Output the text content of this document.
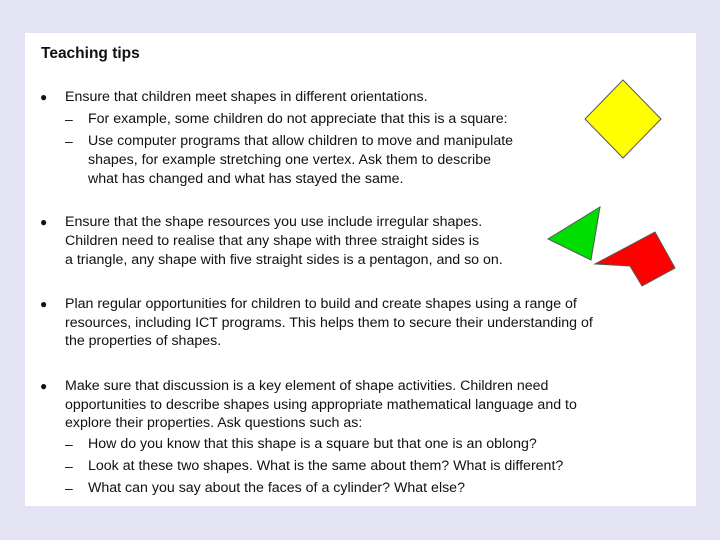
Teaching tips
● Ensure that children meet shapes in different orientations.
– For example, some children do not appreciate that this is a square:
– Use computer programs that allow children to move and manipulate
shapes, for example stretching one vertex. Ask them to describe
what has changed and what has stayed the same.
● Ensure that the shape resources you use include irregular shapes.
Children need to realise that any shape with three straight sides is
a triangle, any shape with five straight sides is a pentagon, and so on.
● Plan regular opportunities for children to build and create shapes using a range of
resources, including ICT programs. This helps them to secure their understanding of
the properties of shapes.
● Make sure that discussion is a key element of shape activities. Children need
opportunities to describe shapes using appropriate mathematical language and to
explore their properties. Ask questions such as:
– How do you know that this shape is a square but that one is an oblong?
– Look at these two shapes. What is the same about them? What is different?
– What can you say about the faces of a cylinder? What else?
